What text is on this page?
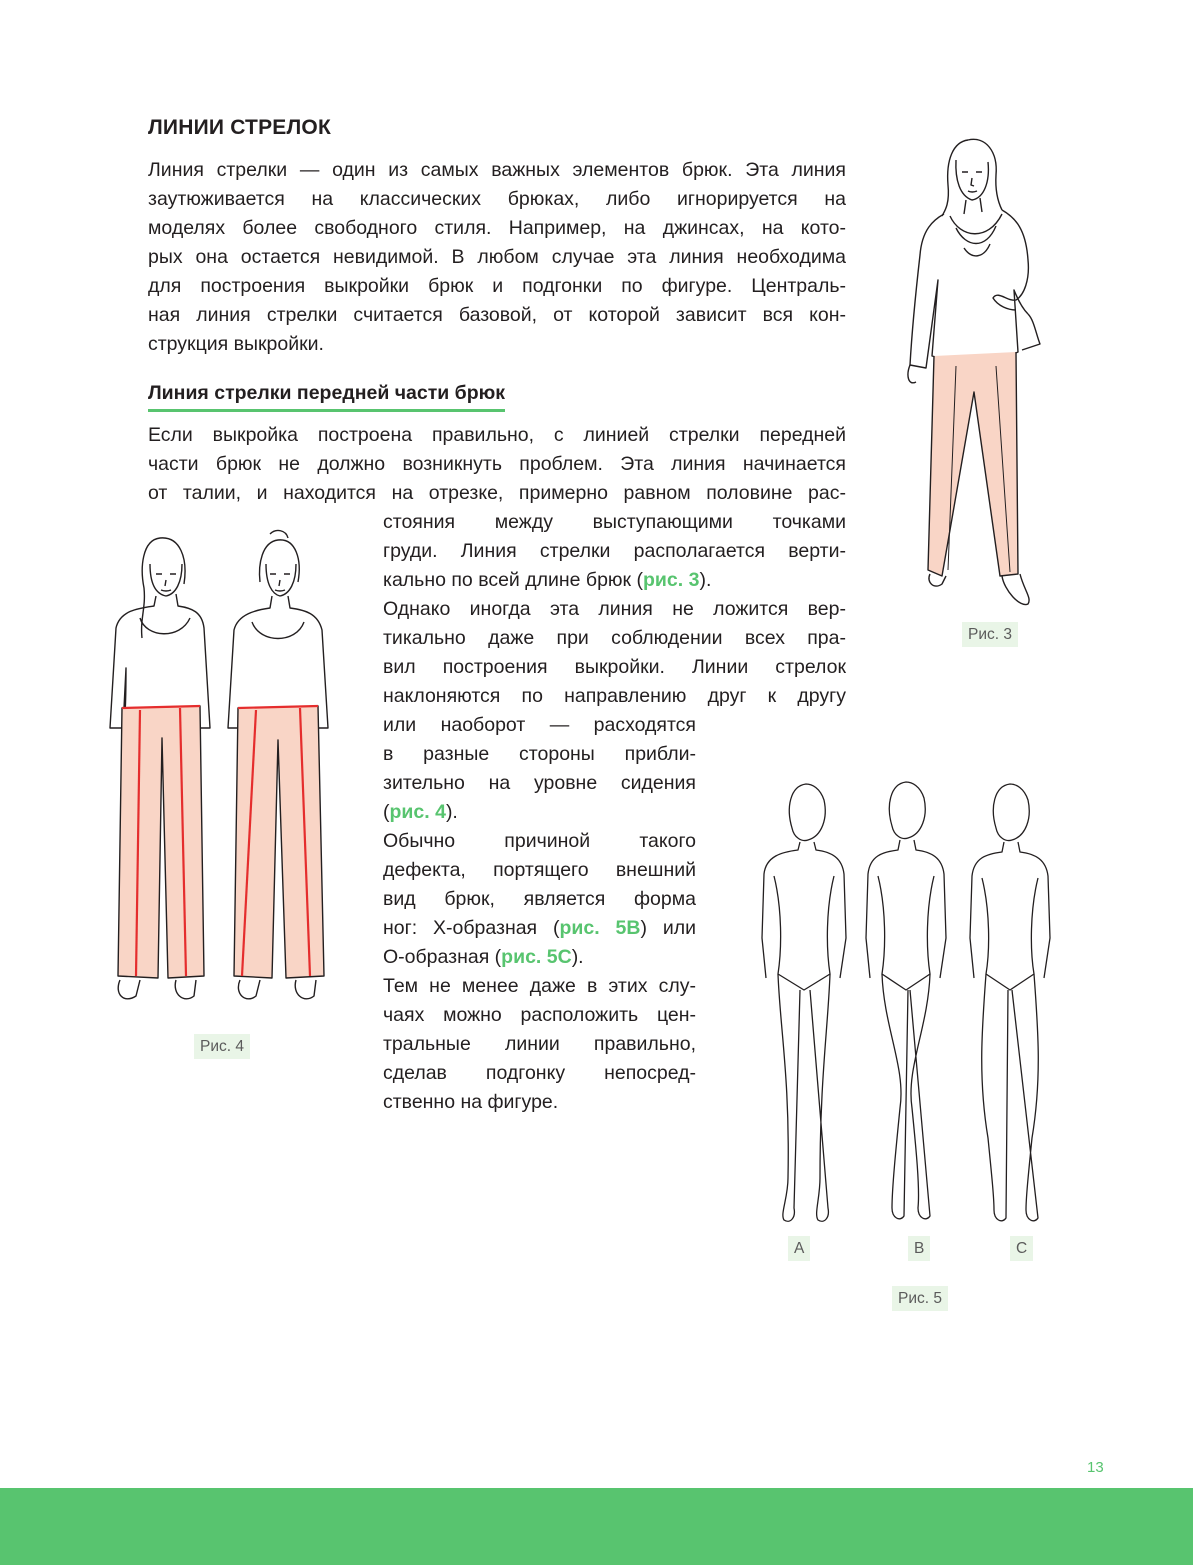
ЛИНИИ СТРЕЛОК
Линия стрелки — один из самых важных элементов брюк. Эта линия
заутюживается на классических брюках, либо игнорируется на
моделях более свободного стиля. Например, на джинсах, на кото-
рых она остается невидимой. В любом случае эта линия необходима
для построения выкройки брюк и подгонки по фигуре. Централь-
ная линия стрелки считается базовой, от которой зависит вся кон-
струкция выкройки.
Линия стрелки передней части брюк
Если выкройка построена правильно, с линией стрелки передней
части брюк не должно возникнуть проблем. Эта линия начинается
от талии, и находится на отрезке, примерно равном половине рас-
стояния между выступающими точками
груди. Линия стрелки располагается верти-
кально по всей длине брюк (рис. 3).
Однако иногда эта линия не ложится вер-
тикально даже при соблюдении всех пра-
вил построения выкройки. Линии стрелок
наклоняются по направлению друг к другу
или наоборот — расходятся
в разные стороны прибли-
зительно на уровне сидения
(рис. 4).
Обычно причиной такого
дефекта, портящего внешний
вид брюк, является форма
ног: X-образная (рис. 5B) или
O-образная (рис. 5C).
Тем не менее даже в этих слу-
чаях можно расположить цен-
тральные линии правильно,
сделав подгонку непосред-
ственно на фигуре.
Рис. 3
Рис. 4
A	B	C
Рис. 5
13
